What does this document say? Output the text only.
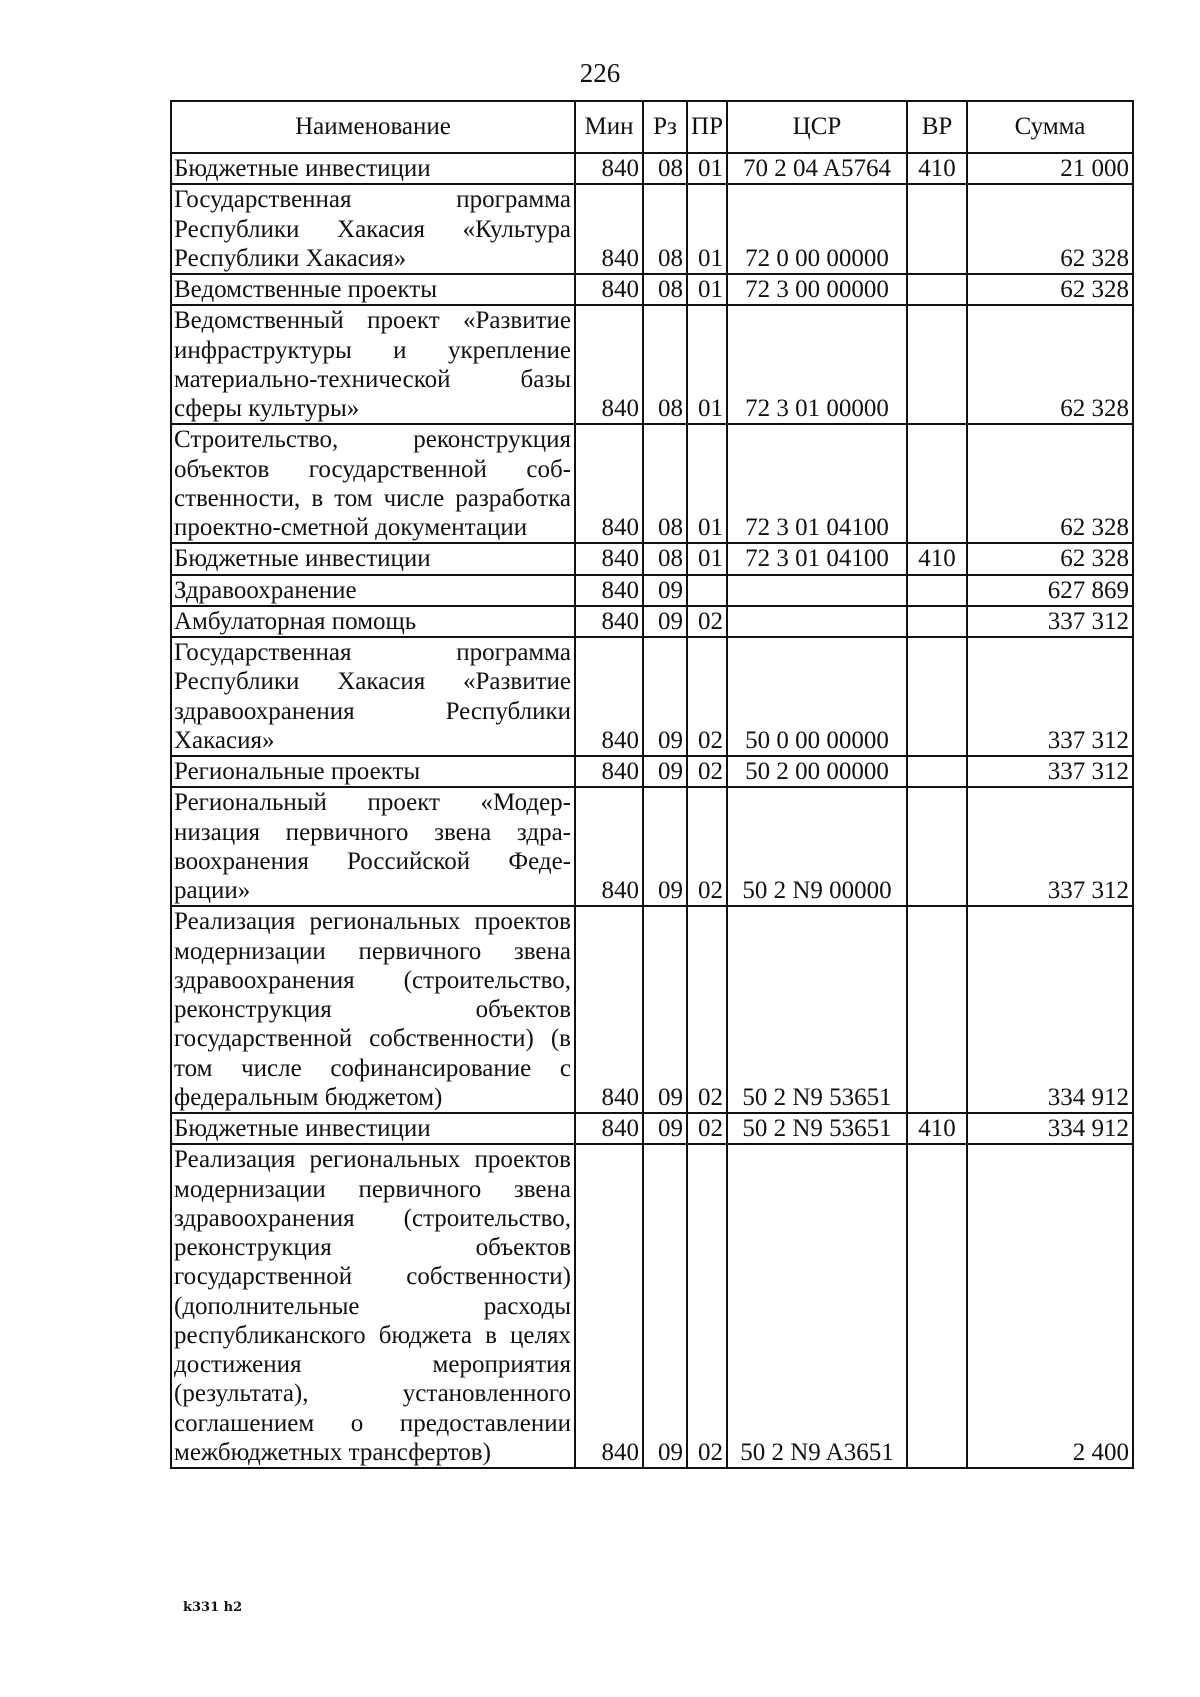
226
Наименование	Мин	Рз	ПР	ЦСР	ВР	Сумма
Бюджетные инвестиции	840	08	01	70 2 04 A5764	410	21 000
Государственная программа Республики Хакасия «Культура Республики Хакасия»	840	08	01	72 0 00 00000		62 328
Ведомственные проекты	840	08	01	72 3 00 00000		62 328
Ведомственный проект «Развитие инфраструктуры и укрепление материально-технической базы сферы культуры»	840	08	01	72 3 01 00000		62 328
Строительство, реконструкция объектов государственной собственности, в том числе разработка проектно-сметной документации	840	08	01	72 3 01 04100		62 328
Бюджетные инвестиции	840	08	01	72 3 01 04100	410	62 328
Здравоохранение	840	09				627 869
Амбулаторная помощь	840	09	02			337 312
Государственная программа Республики Хакасия «Развитие здравоохранения Республики Хакасия»	840	09	02	50 0 00 00000		337 312
Региональные проекты	840	09	02	50 2 00 00000		337 312
Региональный проект «Модернизация первичного звена здравоохранения Российской Федерации»	840	09	02	50 2 N9 00000		337 312
Реализация региональных проектов модернизации первичного звена здравоохранения (строительство, реконструкция объектов государственной собственности) (в том числе софинансирование с федеральным бюджетом)	840	09	02	50 2 N9 53651		334 912
Бюджетные инвестиции	840	09	02	50 2 N9 53651	410	334 912
Реализация региональных проектов модернизации первичного звена здравоохранения (строительство, реконструкция объектов государственной собственности) (дополнительные расходы республиканского бюджета в целях достижения мероприятия (результата), установленного соглашением о предоставлении межбюджетных трансфертов)	840	09	02	50 2 N9 A3651		2 400
k331 h2
